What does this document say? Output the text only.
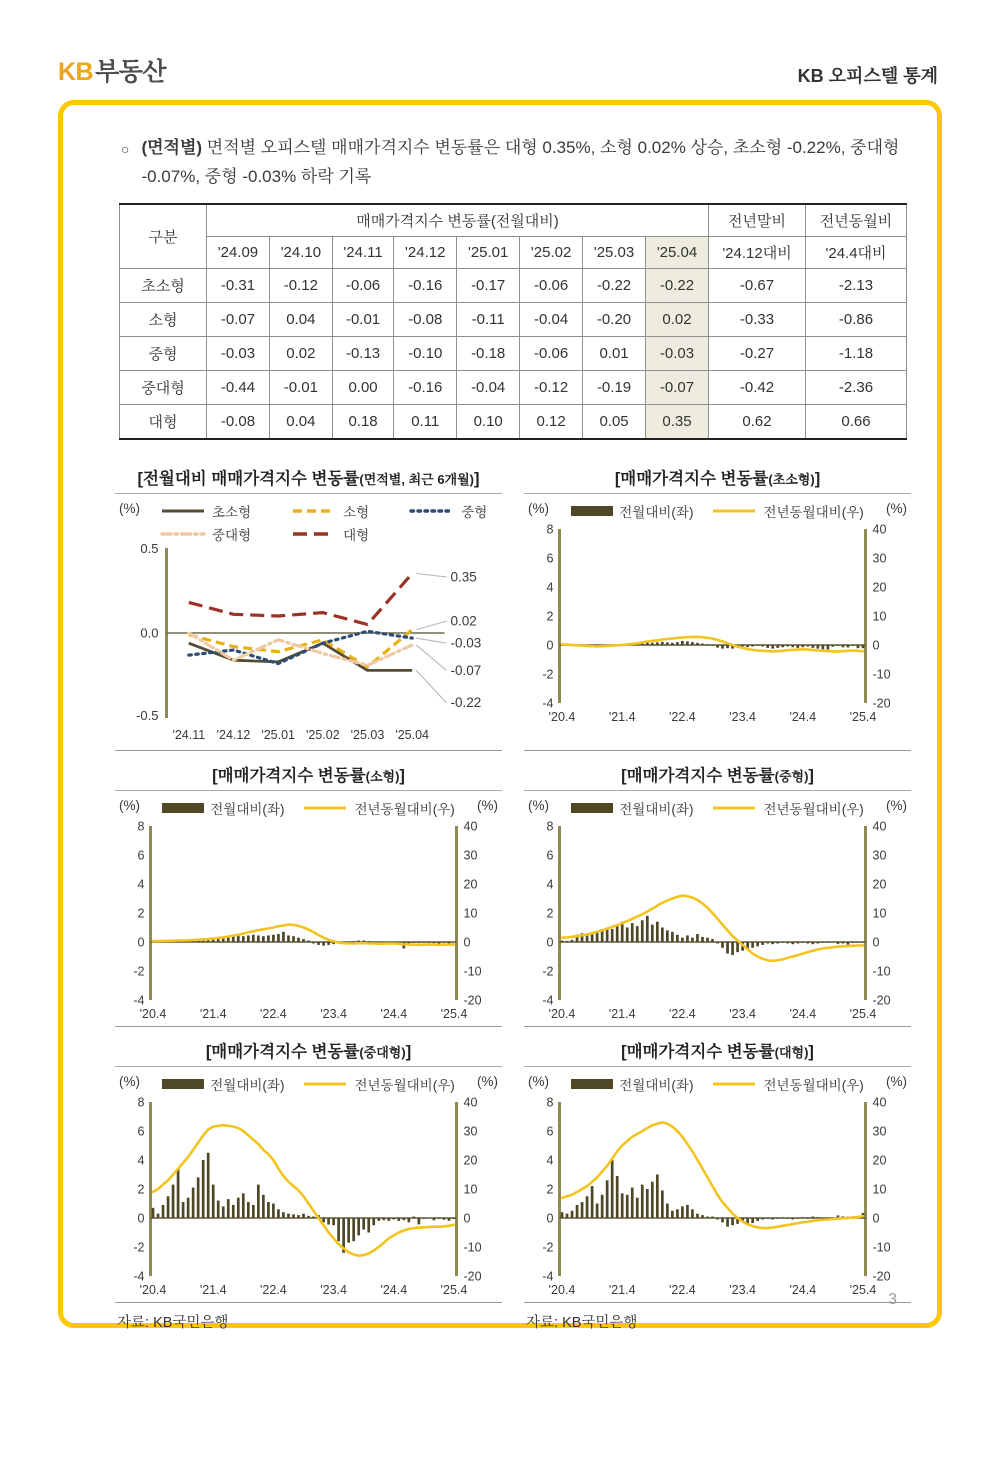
KB부동산	KB 오피스텔 통계
○ (면적별) 면적별 오피스텔 매매가격지수 변동률은 대형 0.35%, 소형 0.02% 상승, 초소형 -0.22%, 중대형 -0.07%, 중형 -0.03% 하락 기록
구분	매매가격지수 변동률(전월대비)								전년말비	전년동월비
	'24.09	'24.10	'24.11	'24.12	'25.01	'25.02	'25.03	'25.04	'24.12대비	'24.4대비
초소형	-0.31	-0.12	-0.06	-0.16	-0.17	-0.06	-0.22	-0.22	-0.67	-2.13
소형	-0.07	0.04	-0.01	-0.08	-0.11	-0.04	-0.20	0.02	-0.33	-0.86
중형	-0.03	0.02	-0.13	-0.10	-0.18	-0.06	0.01	-0.03	-0.27	-1.18
중대형	-0.44	-0.01	0.00	-0.16	-0.04	-0.12	-0.19	-0.07	-0.42	-2.36
대형	-0.08	0.04	0.18	0.11	0.10	0.12	0.05	0.35	0.62	0.66
[전월대비 매매가격지수 변동률(면적별, 최근 6개월)]
(%)	초소형	소형	중형
중대형	대형
0.5
0.0
-0.5
'24.11 '24.12 '25.01 '25.02 '25.03 '25.04
-0.22
0.02
-0.03
-0.07
0.35
[매매가격지수 변동률(초소형)]
(%)	전월대비(좌)	전년동월대비(우) (%)
8
6
4
2
0
-2
-4
40
30
20
10
0
-10
-20
'20.4	'21.4	'22.4	'23.4	'24.4	'25.4
[매매가격지수 변동률(소형)]
(%)	전월대비(좌)	전년동월대비(우) (%)
8
6
4
2
0
-2
-4
40
30
20
10
0
-10
-20
'20.4	'21.4	'22.4	'23.4	'24.4	'25.4
[매매가격지수 변동률(중형)]
(%)	전월대비(좌)	전년동월대비(우) (%)
8
6
4
2
0
-2
-4
40
30
20
10
0
-10
-20
'20.4	'21.4	'22.4	'23.4	'24.4	'25.4
[매매가격지수 변동률(중대형)]
(%)	전월대비(좌)	전년동월대비(우) (%)
8
6
4
2
0
-2
-4
40
30
20
10
0
-10
-20
'20.4	'21.4	'22.4	'23.4	'24.4	'25.4
[매매가격지수 변동률(대형)]
(%)	전월대비(좌)	전년동월대비(우) (%)
8
6
4
2
0
-2
-4
40
30
20
10
0
-10
-20
'20.4	'21.4	'22.4	'23.4	'24.4	'25.4
자료: KB국민은행	자료: KB국민은행
3
